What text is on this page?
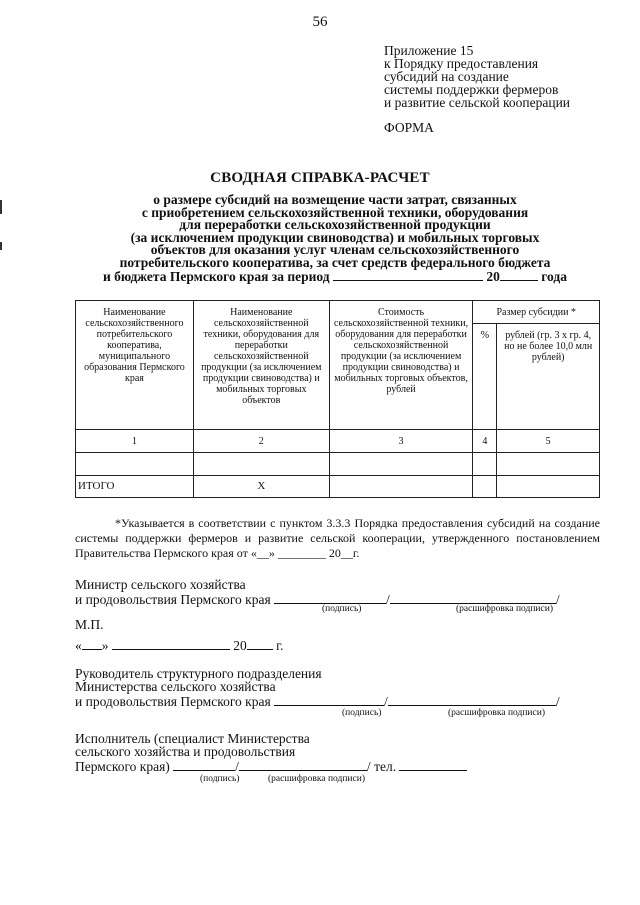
56
Приложение 15
к Порядку предоставления
субсидий на создание
системы поддержки фермеров
и развитие сельской кооперации
ФОРМА
СВОДНАЯ СПРАВКА-РАСЧЕТ
о размере субсидий на возмещение части затрат, связанных
с приобретением сельскохозяйственной техники, оборудования
для переработки сельскохозяйственной продукции
(за исключением продукции свиноводства) и мобильных торговых
объектов для оказания услуг членам сельскохозяйственного
потребительского кооператива, за счет средств федерального бюджета
и бюджета Пермского края за период	20	года
Наименование сельскохозяйственного потребительского кооператива, муниципального образования Пермского края	Наименование сельскохозяйственной техники, оборудования для переработки сельскохозяйственной продукции (за исключением продукции свиноводства) и мобильных торговых объектов	Стоимость сельскохозяйственной техники, оборудования для переработки сельскохозяйственной продукции (за исключением продукции свиноводства) и мобильных торговых объектов, рублей	Размер субсидии *	
			%	рублей (гр. 3 х гр. 4, но не более 10,0 млн рублей)
1	2	3	4	5

ИТОГО	Х			

*Указывается в соответствии с пунктом 3.3.3 Порядка предоставления субсидий на создание системы поддержки фермеров и развитие сельской кооперации, утвержденного постановлением Правительства Пермского края от «__» ________ 20__г.

Министр сельского хозяйства
и продовольствия Пермского края	/	/
(подпись)	(расшифровка подписи)
М.П.
« »	20 г.
Руководитель структурного подразделения
Министерства сельского хозяйства
и продовольствия Пермского края	/	/
(подпись)	(расшифровка подписи)
Исполнитель (специалист Министерства
сельского хозяйства и продовольствия
Пермского края)	/	/ тел.
(подпись)	(расшифровка подписи)
